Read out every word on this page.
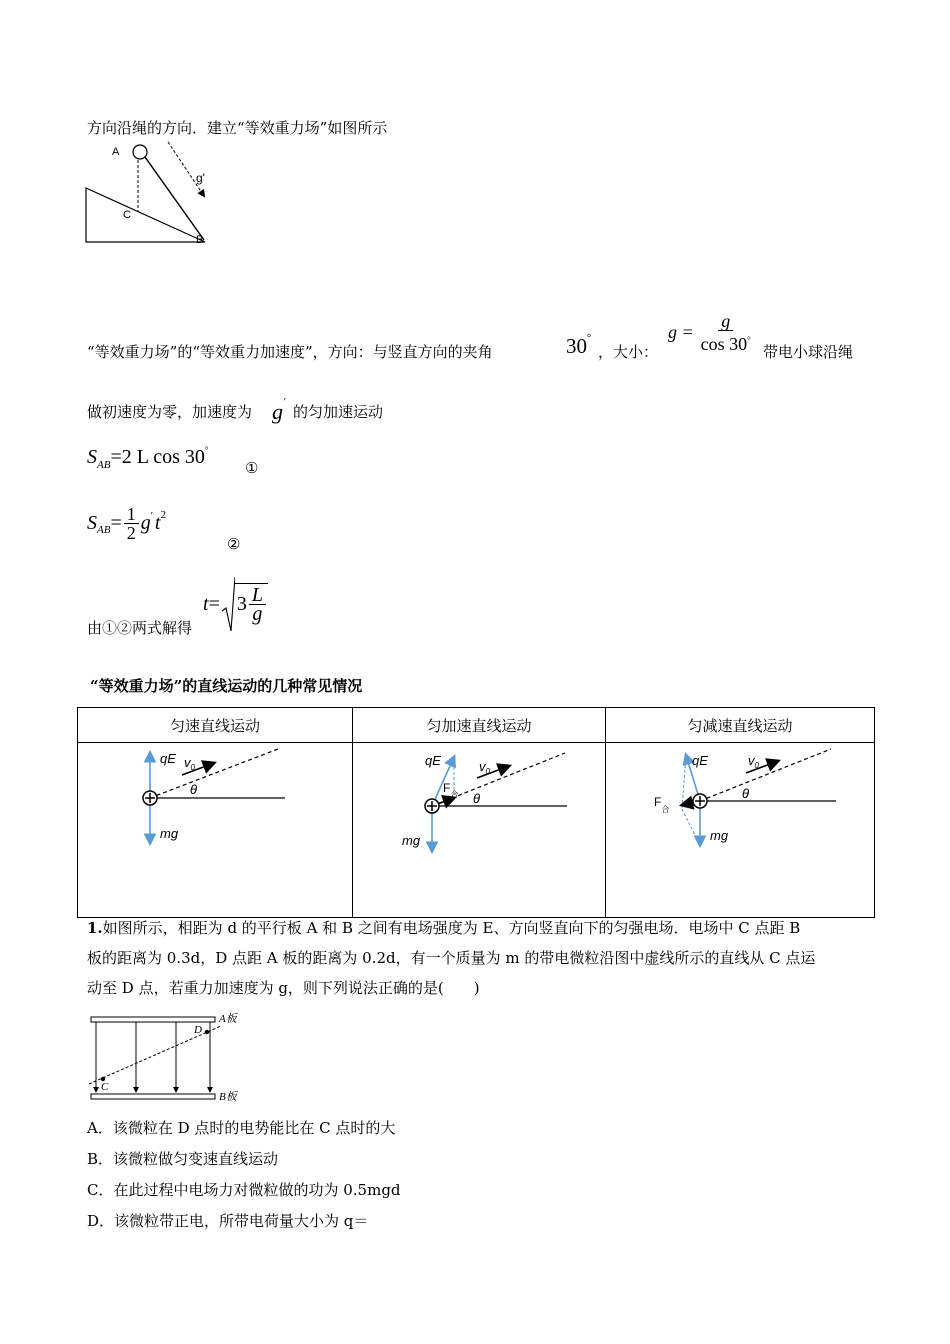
方向沿绳的方向．建立“等效重力场”如图所示
A
g'
C
B
“等效重力场”的“等效重力加速度”，方向：与竖直方向的夹角	30°
，大小：
$g = \frac{g}{\cos 30^\circ}$ 带电小球沿绳
做初速度为零，加速度为 g′
的匀加速运动
$S_{AB}=2$ L cos 30°
①
$S_{AB} = \frac{1}{2} g'$ $t^2$
②
由①②两式解得
$t = 3 \frac{L}{g}$
“等效重力场”的直线运动的几种常见情况
匀速直线运动	匀加速直线运动	匀减速直线运动

qE $v_0$
θ
mg	qE $v_0$
$F_合$ θ
mg	qE $v_0$
$F_合$
θ
mg
1.如图所示，相距为 d 的平行板 A 和 B 之间有电场强度为 E、方向竖直向下的匀强电场．电场中 C 点距 B
板的距离为 0.3d，D 点距 A 板的距离为 0.2d，有一个质量为 m 的带电微粒沿图中虚线所示的直线从 C 点运
动至 D 点，若重力加速度为 g，则下列说法正确的是(　　)
C
D
A板
B板
A．该微粒在 D 点时的电势能比在 C 点时的大
B．该微粒做匀变速直线运动
C．在此过程中电场力对微粒做的功为 0.5mgd
D．该微粒带正电，所带电荷量大小为 q＝
